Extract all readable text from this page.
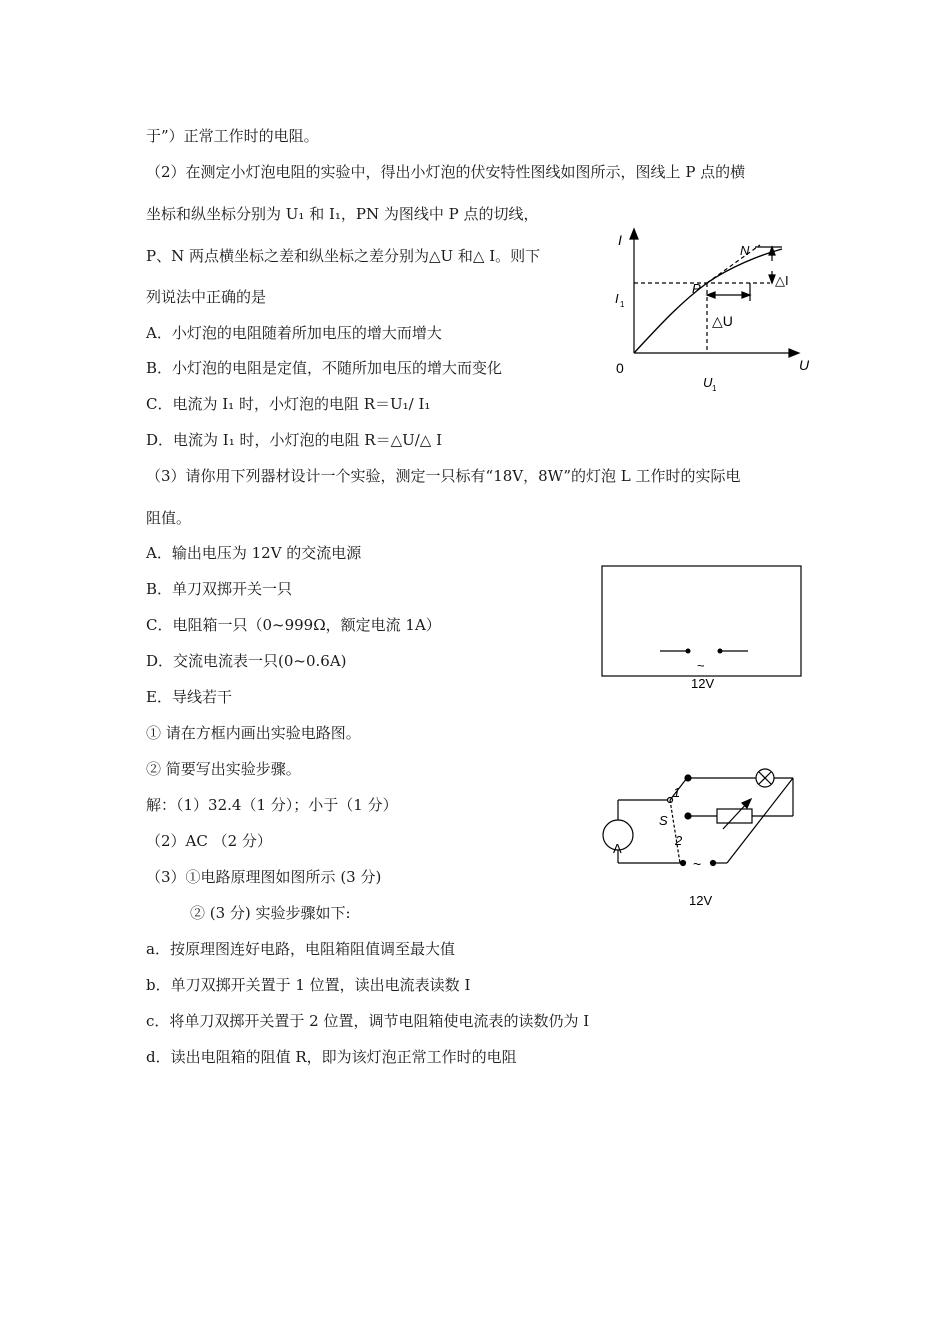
于”）正常工作时的电阻。
（2）在测定小灯泡电阻的实验中，得出小灯泡的伏安特性图线如图所示，图线上 P 点的横
坐标和纵坐标分别为 U₁ 和 I₁，PN 为图线中 P 点的切线，
P、N 两点横坐标之差和纵坐标之差分别为△U 和△ I。则下
列说法中正确的是
A．小灯泡的电阻随着所加电压的增大而增大
B．小灯泡的电阻是定值，不随所加电压的增大而变化
C．电流为 I₁ 时，小灯泡的电阻 R＝U₁/ I₁
D．电流为 I₁ 时，小灯泡的电阻 R＝△U/△ I
（3）请你用下列器材设计一个实验，测定一只标有“18V，8W”的灯泡 L 工作时的实际电
阻值。
A．输出电压为 12V 的交流电源
B．单刀双掷开关一只
C．电阻箱一只（0~999Ω，额定电流 1A）
D．交流电流表一只(0~0.6A)
E．导线若干
① 请在方框内画出实验电路图。
② 简要写出实验步骤。
解：（1）32.4（1 分）；小于（1 分）
（2）AC （2 分）
（3）①电路原理图如图所示 (3 分)
② (3 分) 实验步骤如下:
a．按原理图连好电路，电阻箱阻值调至最大值
b．单刀双掷开关置于 1 位置，读出电流表读数 I
c．将单刀双掷开关置于 2 位置，调节电阻箱使电流表的读数仍为 I
d．读出电阻箱的阻值 R，即为该灯泡正常工作时的电阻
I
U
0
I 1
U 1
P
N
△I
△U
~
12V
1
2
S
A
~
12V
